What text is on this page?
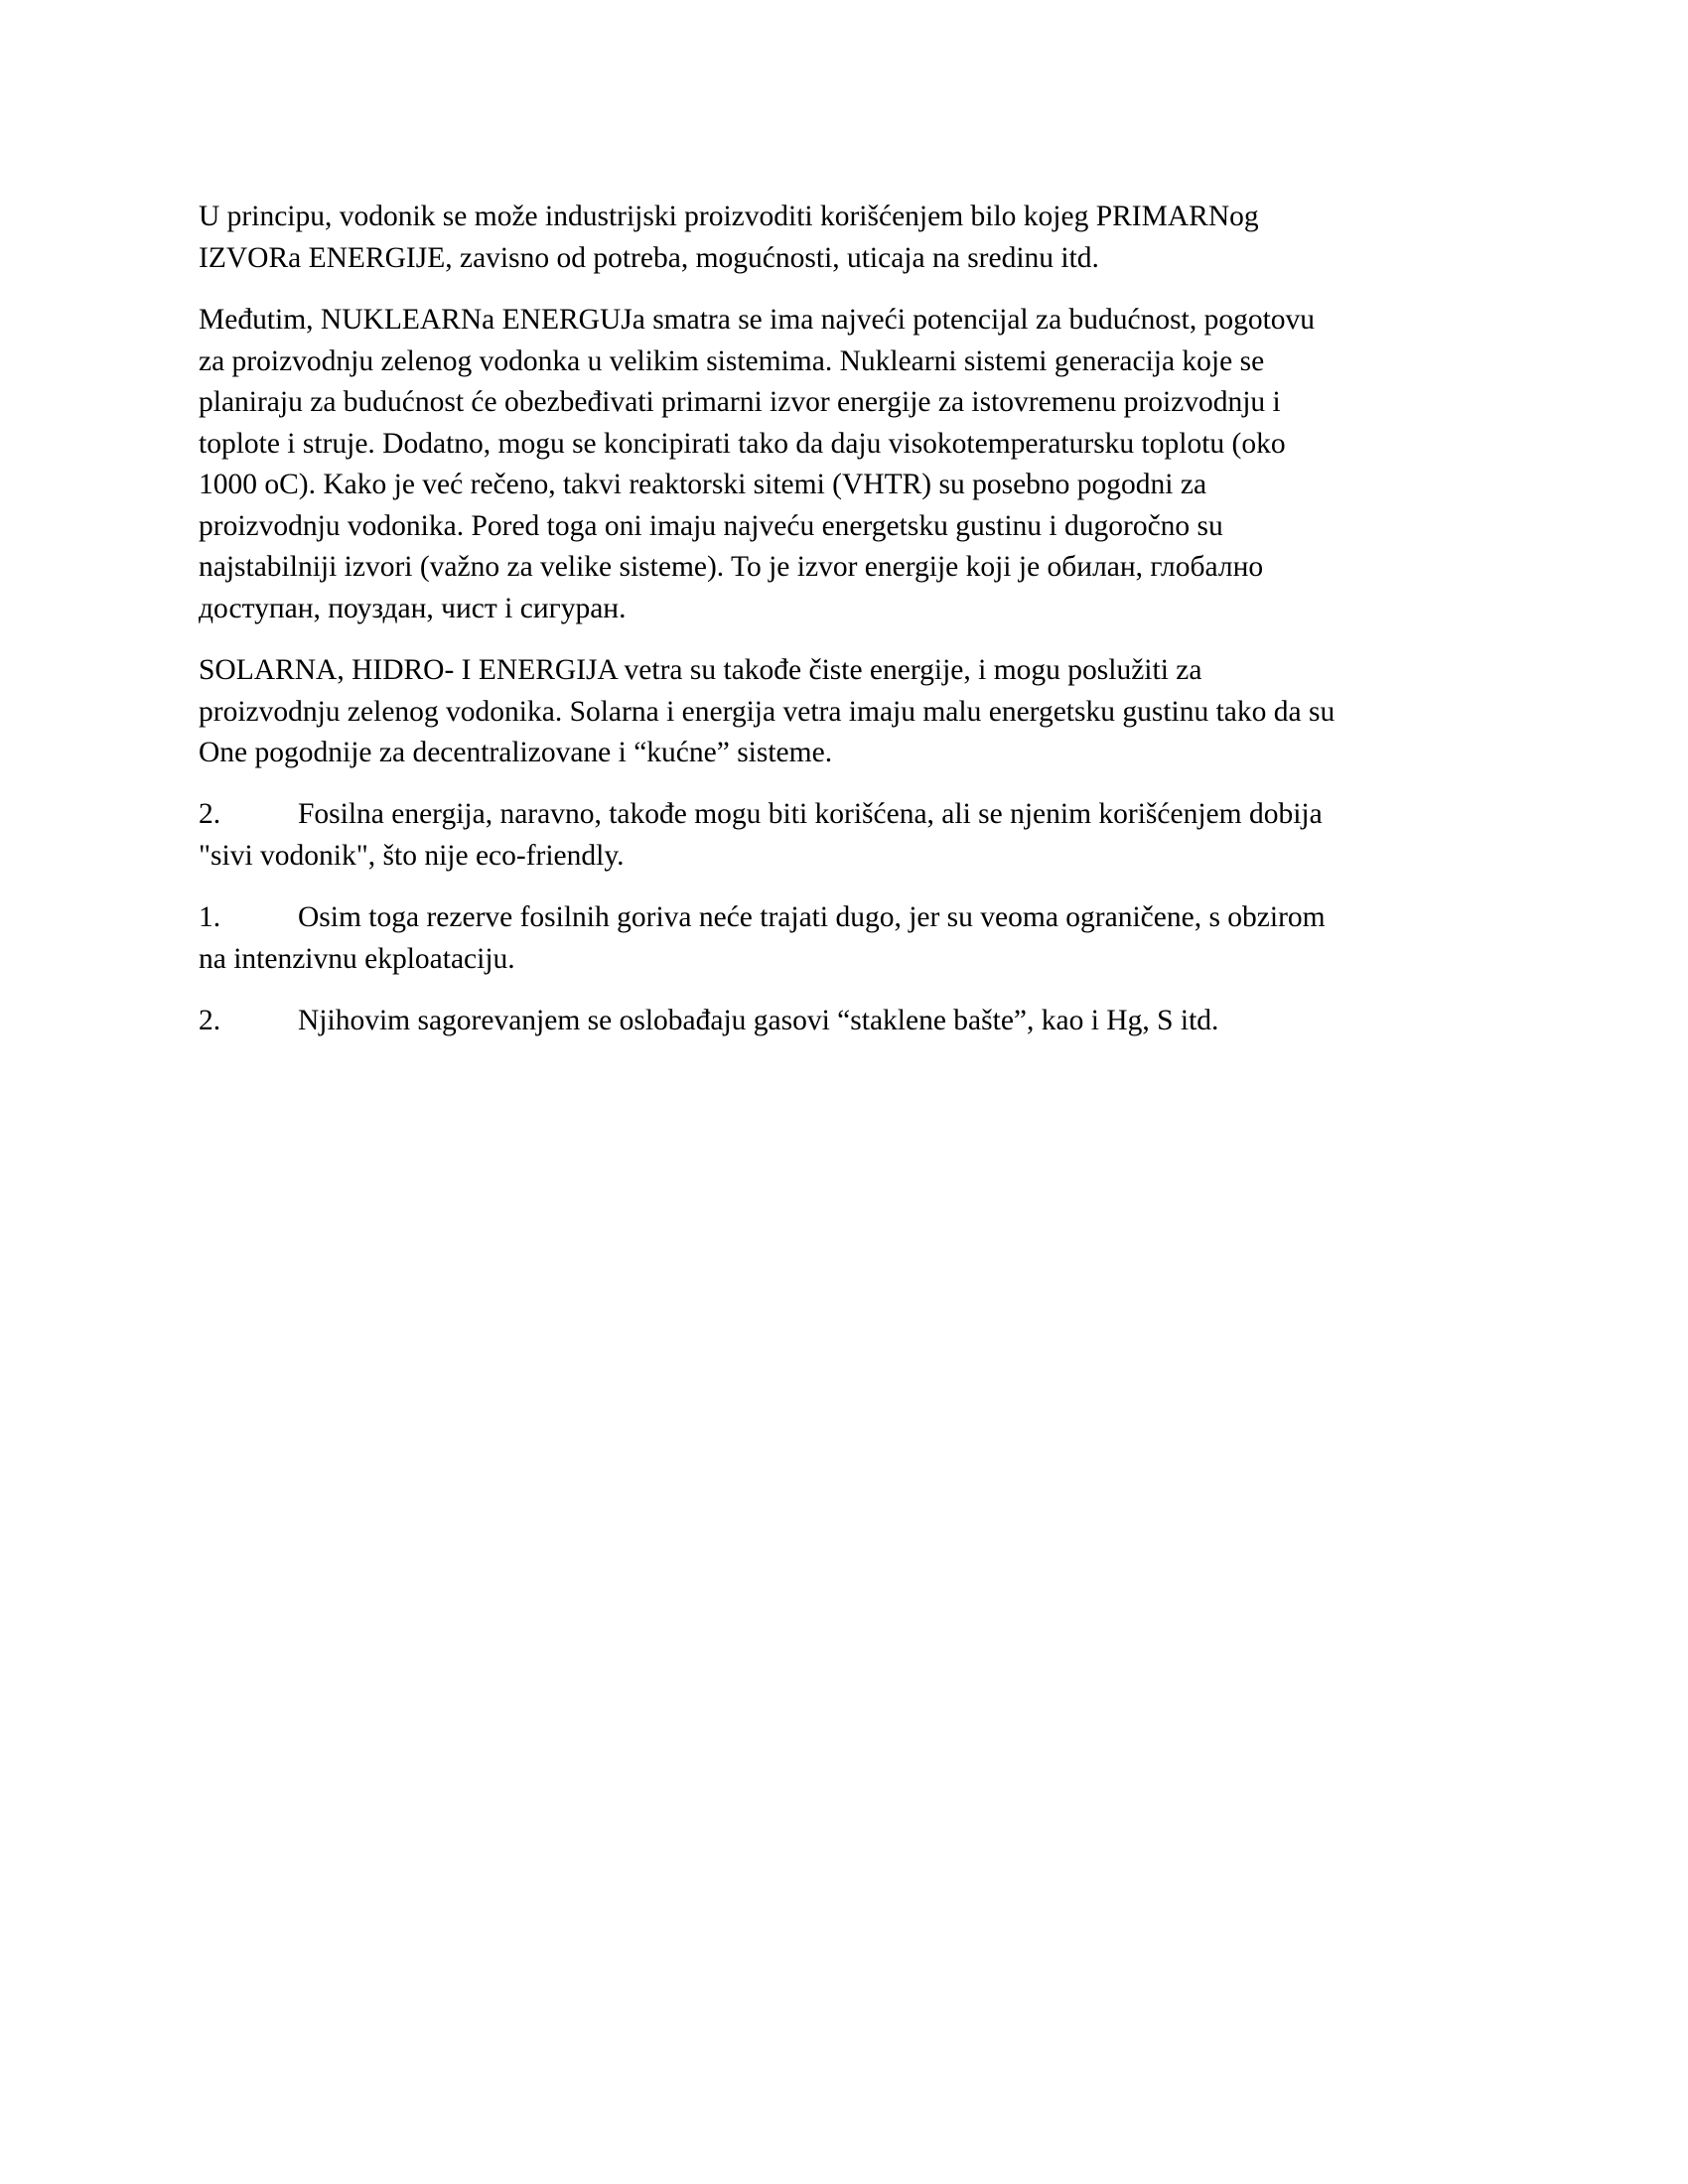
U principu, vodonik se može industrijski proizvoditi korišćenjem bilo kojeg PRIMARNog
IZVORa ENERGIJE, zavisno od potreba, mogućnosti, uticaja na sredinu itd.
Međutim, NUKLEARNa ENERGUJa smatra se ima najveći potencijal za budućnost, pogotovu
za proizvodnju zelenog vodonka u velikim sistemima. Nuklearni sistemi generacija koje se
planiraju za budućnost će obezbeđivati primarni izvor energije za istovremenu proizvodnju i
toplote i struje. Dodatno, mogu se koncipirati tako da daju visokotemperatursku toplotu (oko
1000 oC). Kako je već rečeno, takvi reaktorski sitemi (VHTR) su posebno pogodni za
proizvodnju vodonika. Pored toga oni imaju najveću energetsku gustinu i dugoročno su
najstabilniji izvori (važno za velike sisteme). To je izvor energije koji je обилан, глобално
доступан, поуздан, чист і сигуран.
SOLARNA, HIDRO- I ENERGIJA vetra su takođe čiste energije, i mogu poslužiti za
proizvodnju zelenog vodonika. Solarna i energija vetra imaju malu energetsku gustinu tako da su
One pogodnije za decentralizovane i “kućne” sisteme.
2.	Fosilna energija, naravno, takođe mogu biti korišćena, ali se njenim korišćenjem dobija
"sivi vodonik", što nije eco-friendly.
1.	Osim toga rezerve fosilnih goriva neće trajati dugo, jer su veoma ograničene, s obzirom
na intenzivnu ekploataciju.
2.	Njihovim sagorevanjem se oslobađaju gasovi “staklene bašte”, kao i Hg, S itd.
